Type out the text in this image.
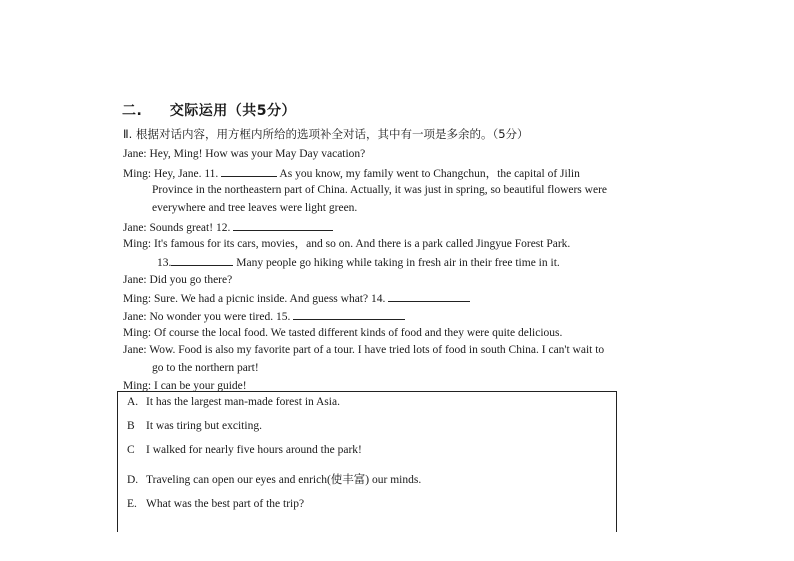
二. 交际运用（共5分）
Ⅱ. 根据对话内容，用方框内所给的选项补全对话，其中有一项是多余的。（5分）
Jane: Hey, Ming! How was your May Day vacation?
Ming: Hey, Jane. 11.	As you know, my family went to Changchun，the capital of Jilin
Province in the northeastern part of China. Actually, it was just in spring, so beautiful flowers were
everywhere and tree leaves were light green.
Jane: Sounds great! 12.
Ming: It's famous for its cars, movies，and so on. And there is a park called Jingyue Forest Park.
13.	Many people go hiking while taking in fresh air in their free time in it.
Jane: Did you go there?
Ming: Sure. We had a picnic inside. And guess what? 14.
Jane: No wonder you were tired. 15.
Ming: Of course the local food. We tasted different kinds of food and they were quite delicious.
Jane: Wow. Food is also my favorite part of a tour. I have tried lots of food in south China. I can't wait to
go to the northern part!
Ming: I can be your guide!
A. It has the largest man-made forest in Asia.
B It was tiring but exciting.
C I walked for nearly five hours around the park!
D. Traveling can open our eyes and enrich(使丰富) our minds.
E. What was the best part of the trip?
